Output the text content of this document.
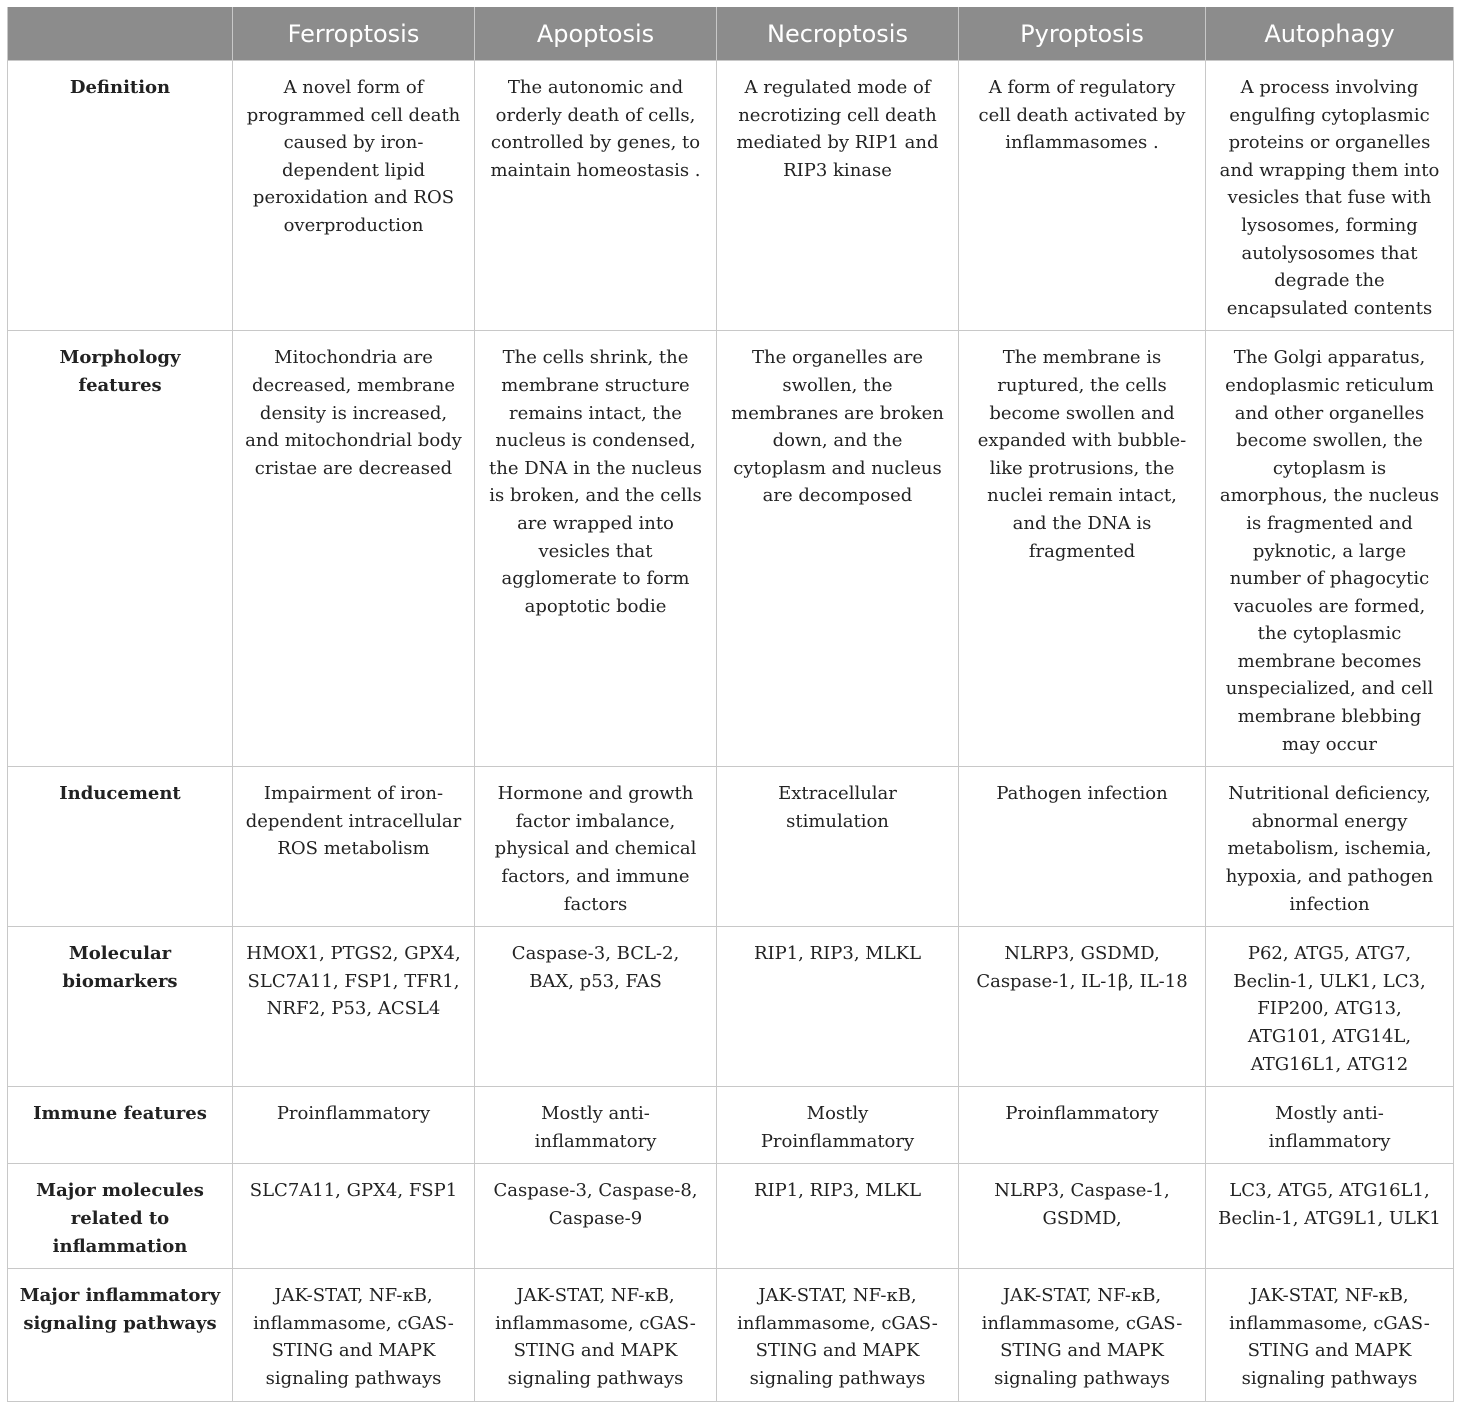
	Ferroptosis	Apoptosis	Necroptosis	Pyroptosis	Autophagy
Definition	A novel form of programmed cell death caused by iron-dependent lipid peroxidation and ROS overproduction	The autonomic and orderly death of cells, controlled by genes, to maintain homeostasis .	A regulated mode of necrotizing cell death mediated by RIP1 and RIP3 kinase	A form of regulatory cell death activated by inflammasomes .	A process involving engulfing cytoplasmic proteins or organelles and wrapping them into vesicles that fuse with lysosomes, forming autolysosomes that degrade the encapsulated contents
Morphology features	Mitochondria are decreased, membrane density is increased, and mitochondrial body cristae are decreased	The cells shrink, the membrane structure remains intact, the nucleus is condensed, the DNA in the nucleus is broken, and the cells are wrapped into vesicles that agglomerate to form apoptotic bodie	The organelles are swollen, the membranes are broken down, and the cytoplasm and nucleus are decomposed	The membrane is ruptured, the cells become swollen and expanded with bubble-like protrusions, the nuclei remain intact, and the DNA is fragmented	The Golgi apparatus, endoplasmic reticulum and other organelles become swollen, the cytoplasm is amorphous, the nucleus is fragmented and pyknotic, a large number of phagocytic vacuoles are formed, the cytoplasmic membrane becomes unspecialized, and cell membrane blebbing may occur
Inducement	Impairment of iron-dependent intracellular ROS metabolism	Hormone and growth factor imbalance, physical and chemical factors, and immune factors	Extracellular stimulation	Pathogen infection	Nutritional deficiency, abnormal energy metabolism, ischemia, hypoxia, and pathogen infection
Molecular biomarkers	HMOX1, PTGS2, GPX4, SLC7A11, FSP1, TFR1, NRF2, P53, ACSL4	Caspase-3, BCL-2, BAX, p53, FAS	RIP1, RIP3, MLKL	NLRP3, GSDMD, Caspase-1, IL-1β, IL-18	P62, ATG5, ATG7, Beclin-1, ULK1, LC3, FIP200, ATG13, ATG101, ATG14L, ATG16L1, ATG12
Immune features	Proinflammatory	Mostly anti-inflammatory	Mostly Proinflammatory	Proinflammatory	Mostly anti-inflammatory
Major molecules related to inflammation	SLC7A11, GPX4, FSP1	Caspase-3, Caspase-8, Caspase-9	RIP1, RIP3, MLKL	NLRP3, Caspase-1, GSDMD,	LC3, ATG5, ATG16L1, Beclin-1, ATG9L1, ULK1
Major inflammatory signaling pathways	JAK-STAT, NF-κB, inflammasome, cGAS-STING and MAPK signaling pathways	JAK-STAT, NF-κB, inflammasome, cGAS-STING and MAPK signaling pathways	JAK-STAT, NF-κB, inflammasome, cGAS-STING and MAPK signaling pathways	JAK-STAT, NF-κB, inflammasome, cGAS-STING and MAPK signaling pathways	JAK-STAT, NF-κB, inflammasome, cGAS-STING and MAPK signaling pathways
